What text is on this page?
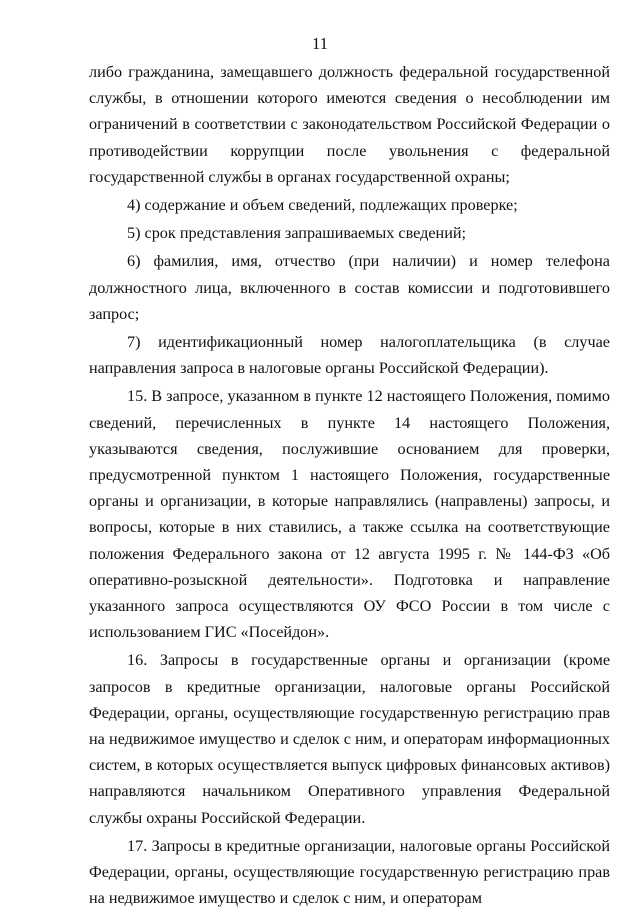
11

либо гражданина, замещавшего должность федеральной государственной службы, в отношении которого имеются сведения о несоблюдении им ограничений в соответствии с законодательством Российской Федерации о противодействии коррупции после увольнения с федеральной государственной службы в органах государственной охраны;

4) содержание и объем сведений, подлежащих проверке;

5) срок представления запрашиваемых сведений;

6) фамилия, имя, отчество (при наличии) и номер телефона должностного лица, включенного в состав комиссии и подготовившего запрос;

7) идентификационный номер налогоплательщика (в случае направления запроса в налоговые органы Российской Федерации).

15. В запросе, указанном в пункте 12 настоящего Положения, помимо сведений, перечисленных в пункте 14 настоящего Положения, указываются сведения, послужившие основанием для проверки, предусмотренной пунктом 1 настоящего Положения, государственные органы и организации, в которые направлялись (направлены) запросы, и вопросы, которые в них ставились, а также ссылка на соответствующие положения Федерального закона от 12 августа 1995 г. № 144-ФЗ «Об оперативно-розыскной деятельности». Подготовка и направление указанного запроса осуществляются ОУ ФСО России в том числе с использованием ГИС «Посейдон».

16. Запросы в государственные органы и организации (кроме запросов в кредитные организации, налоговые органы Российской Федерации, органы, осуществляющие государственную регистрацию прав на недвижимое имущество и сделок с ним, и операторам информационных систем, в которых осуществляется выпуск цифровых финансовых активов) направляются начальником Оперативного управления Федеральной службы охраны Российской Федерации.

17. Запросы в кредитные организации, налоговые органы Российской Федерации, органы, осуществляющие государственную регистрацию прав на недвижимое имущество и сделок с ним, и операторам
